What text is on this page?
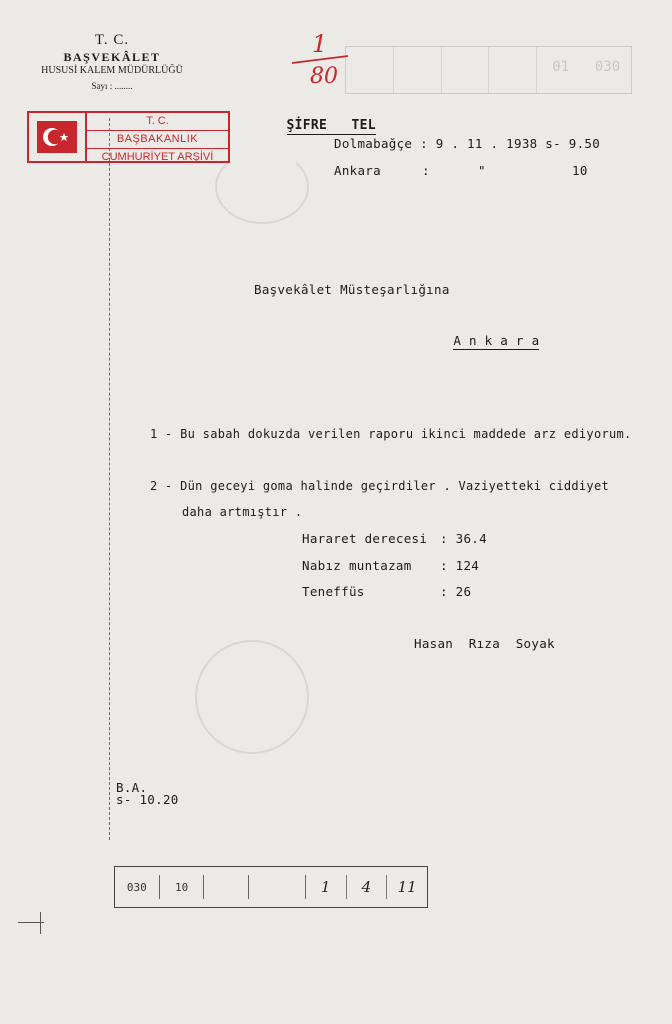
01	030
1
80
T. C.
BAŞVEKÂLET
HUSUSİ KALEM MÜDÜRLÜĞÜ
Sayı : ........
T. C.
BAŞBAKANLIK
CUMHURİYET ARŞİVİ

ŞİFRE   TEL

Dolmabağçe : 9 . 11 . 1938 s- 9.50
Ankara	:	"	10
Başvekâlet Müsteşarlığına

A n k a r a

1 - Bu sabah dokuzda verilen raporu ikinci maddede arz ediyorum.
2 - Dün geceyi goma halinde geçirdiler . Vaziyetteki ciddiyet
daha artmıştır .
Hararet derecesi : 36.4
Nabız muntazam : 124
Teneffüs	: 26
Hasan  Rıza  Soyak
B.A.
s- 10.20
030	10	1	4	11
